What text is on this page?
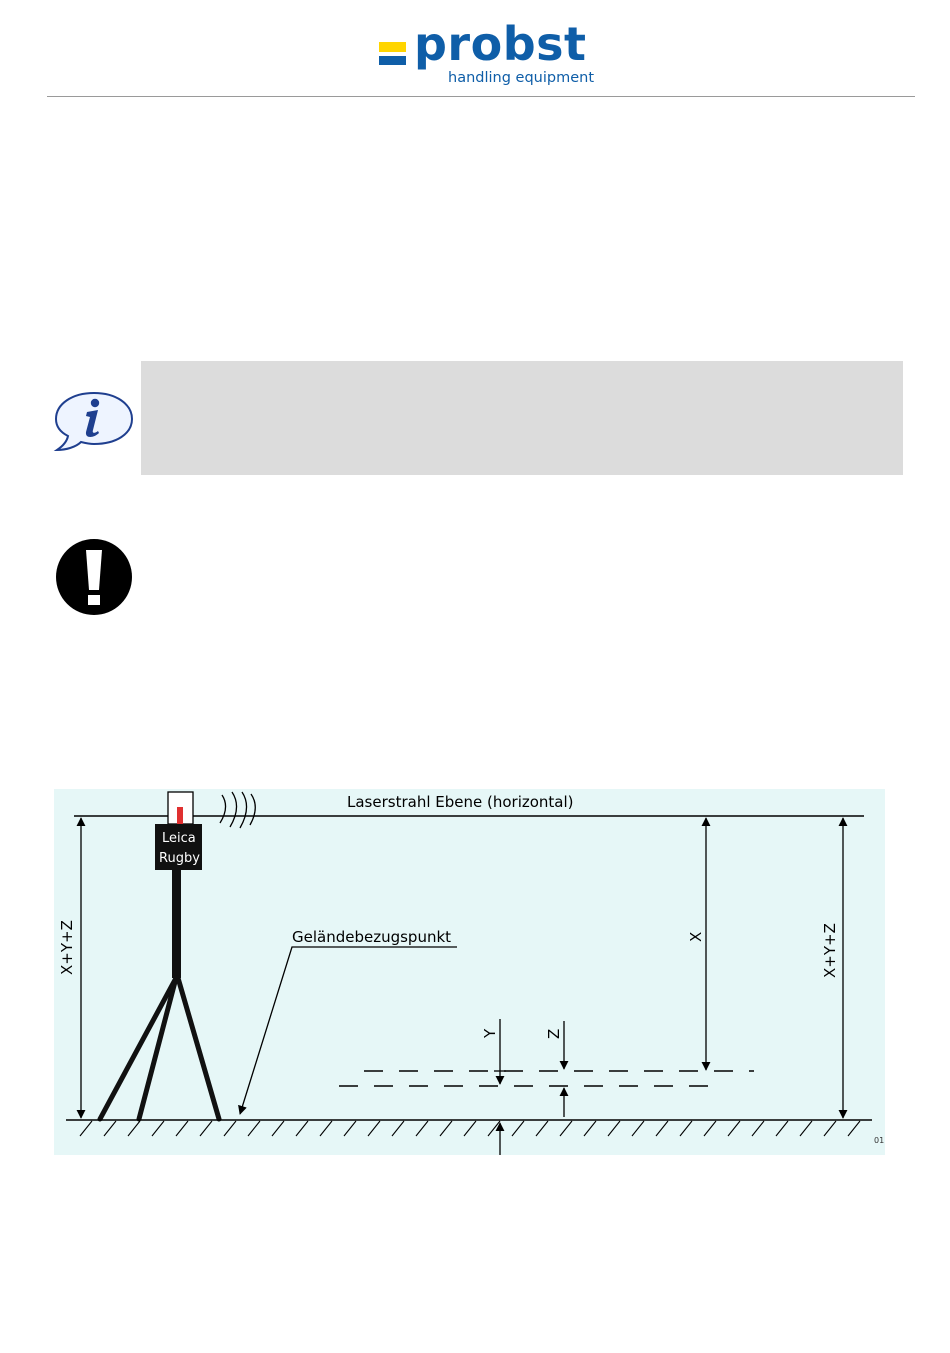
probst
handling equipment
Laserstrahl Ebene (horizontal)
Leica
Rugby
X+Y+Z	X+Y+Z
X
Y	Z
Geländebezugspunkt
01
